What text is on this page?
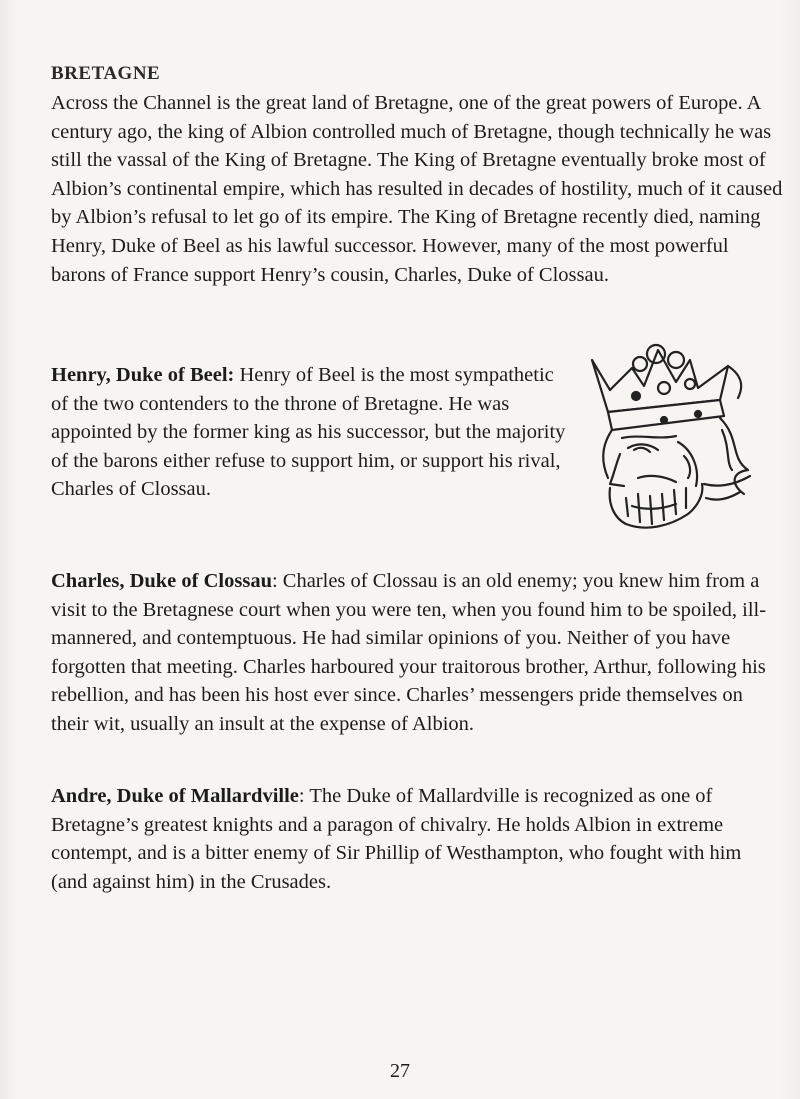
BRETAGNE

Across the Channel is the great land of Bretagne, one of the great powers of Europe. A century ago, the king of Albion controlled much of Bretagne, though technically he was still the vassal of the King of Bretagne. The King of Bretagne eventually broke most of Albion’s continental empire, which has resulted in decades of hostility, much of it caused by Albion’s refusal to let go of its empire. The King of Bretagne recently died, naming Henry, Duke of Beel as his lawful successor. However, many of the most powerful barons of France support Henry’s cousin, Charles, Duke of Clossau.

Henry, Duke of Beel: Henry of Beel is the most sympathetic of the two contenders to the throne of Bretagne. He was appointed by the former king as his successor, but the majority of the barons either refuse to support him, or support his rival, Charles of Clossau.

Charles, Duke of Clossau: Charles of Clossau is an old enemy; you knew him from a visit to the Bretagnese court when you were ten, when you found him to be spoiled, ill-mannered, and contemptuous. He had similar opinions of you. Neither of you have forgotten that meeting. Charles harboured your traitorous brother, Arthur, following his rebellion, and has been his host ever since. Charles’ messengers pride themselves on their wit, usually an insult at the expense of Albion.

Andre, Duke of Mallardville: The Duke of Mallardville is recognized as one of Bretagne’s greatest knights and a paragon of chivalry. He holds Albion in extreme contempt, and is a bitter enemy of Sir Phillip of Westhampton, who fought with him (and against him) in the Crusades.

27
